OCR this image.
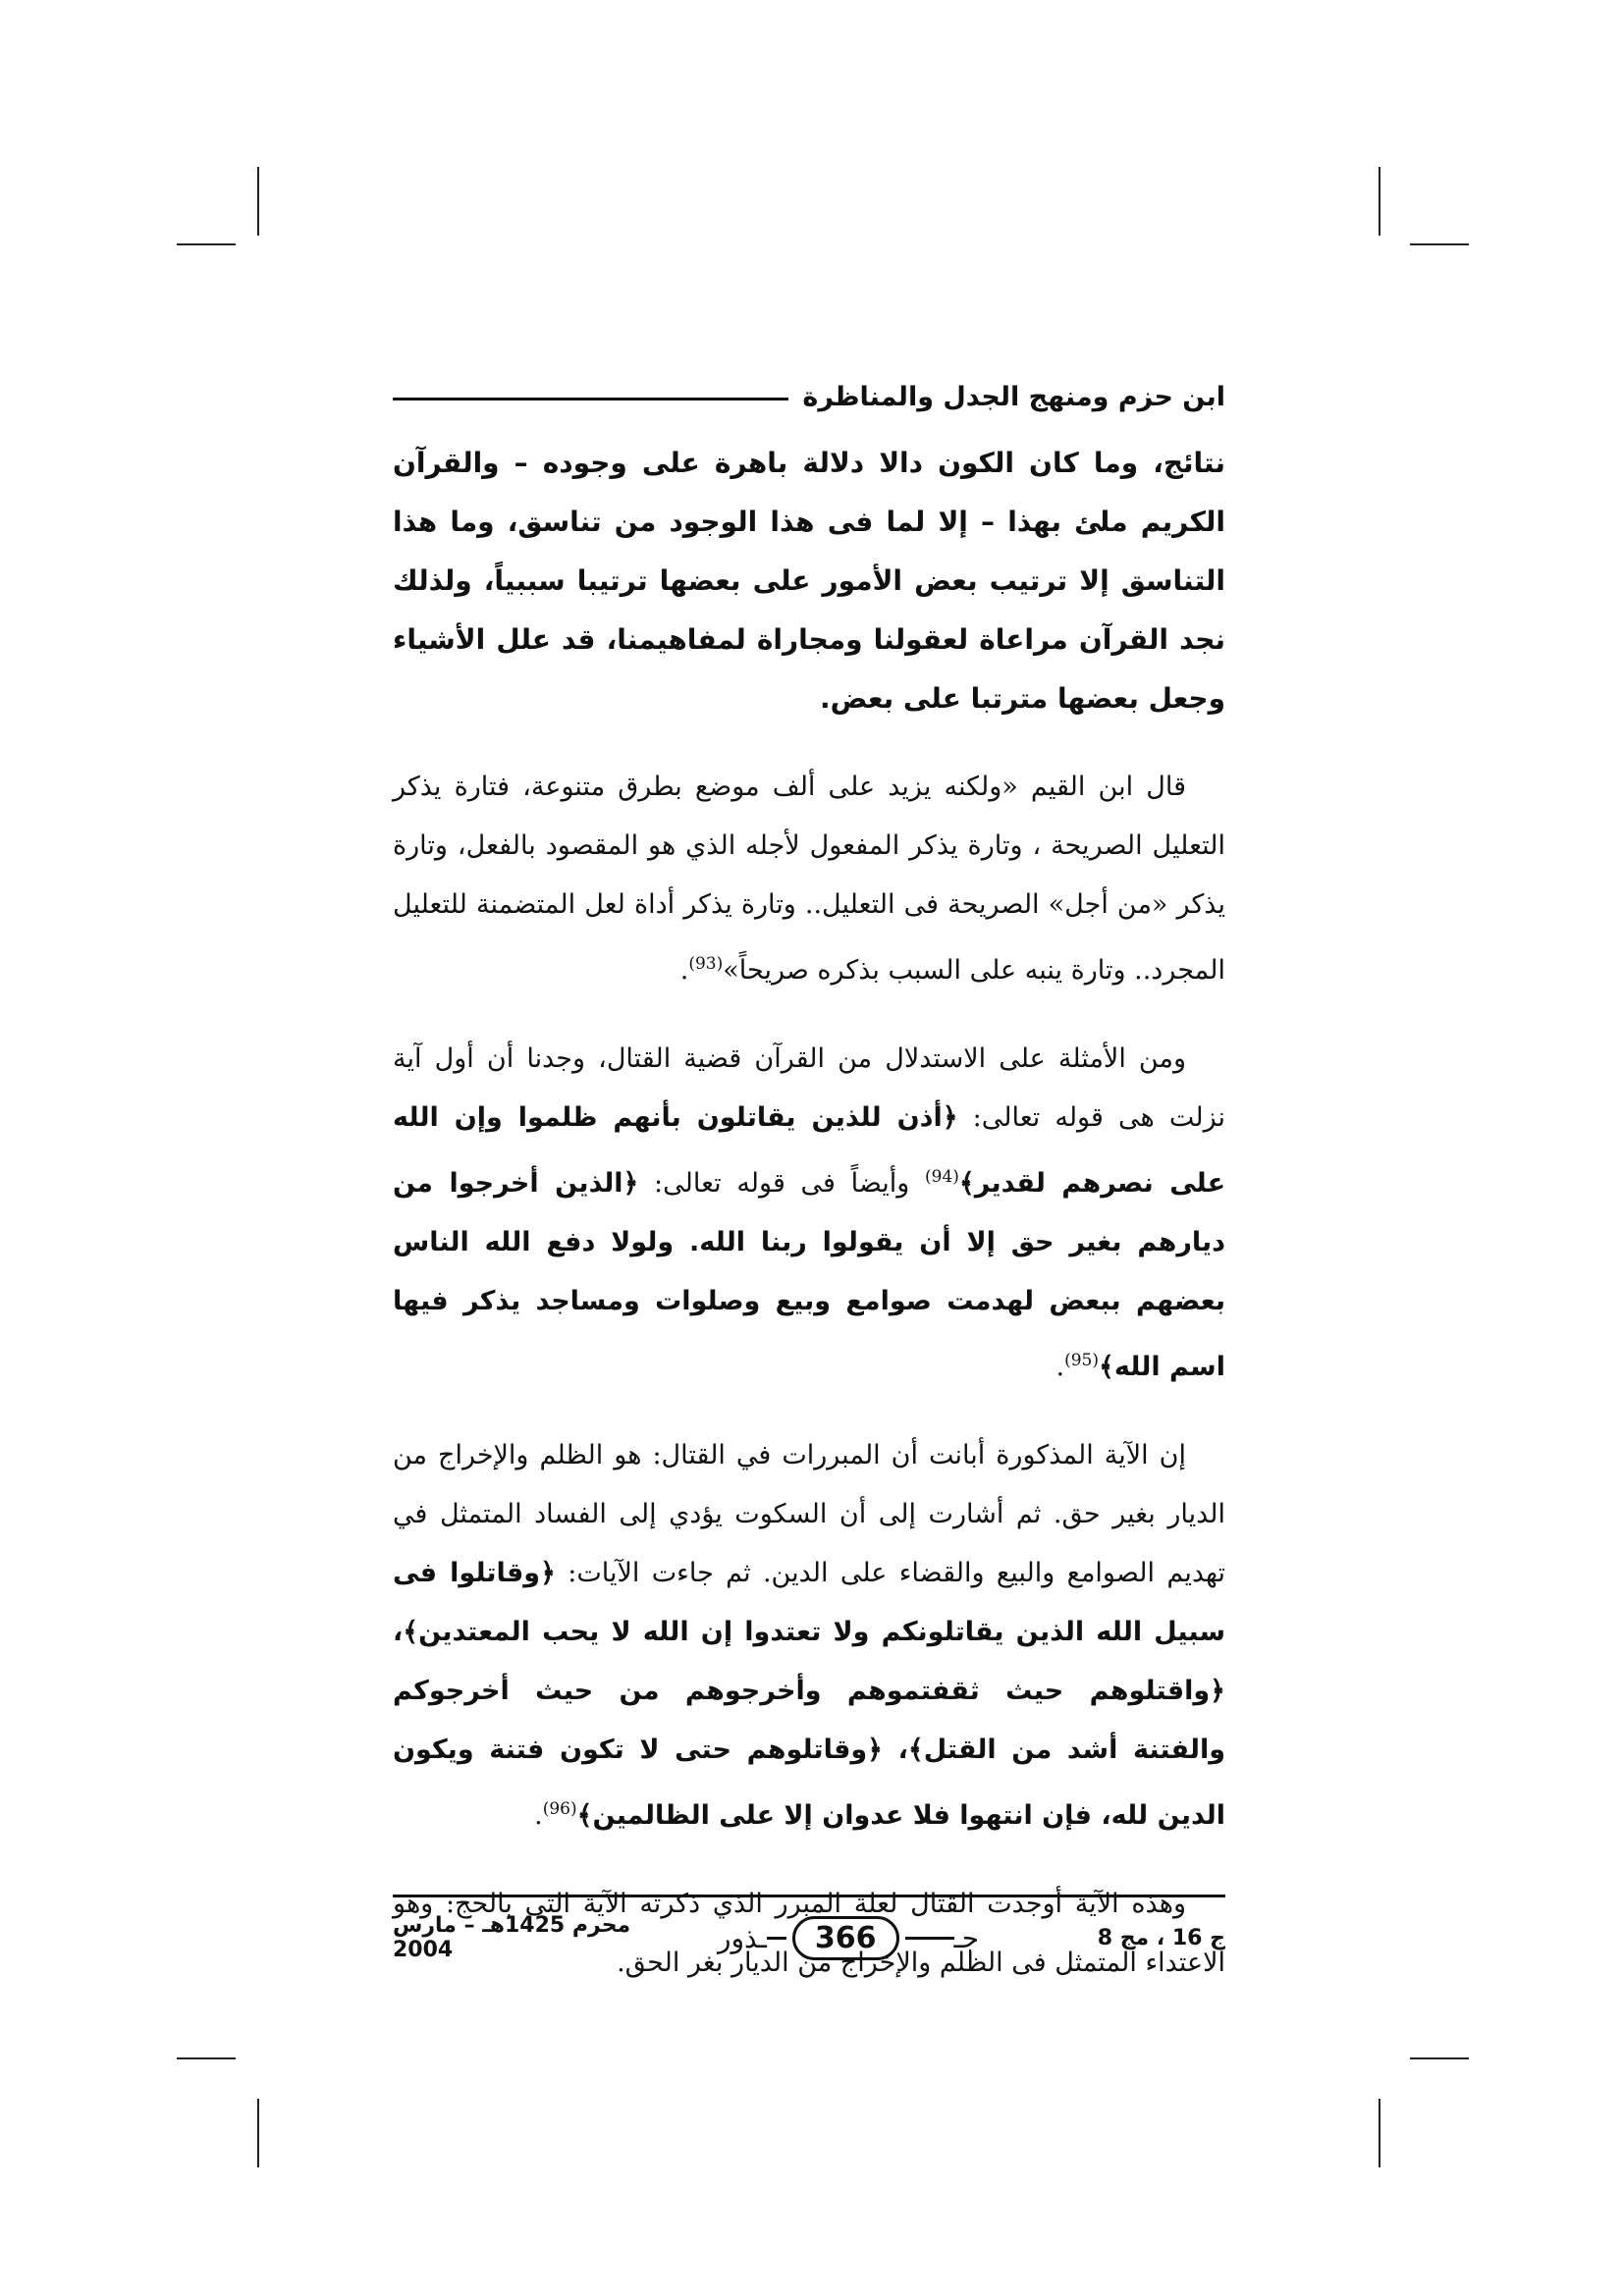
ابن حزم ومنهج الجدل والمناظرة

نتائج، وما كان الكون دالا دلالة باهرة على وجوده – والقرآن الكريم ملئ بهذا – إلا لما فى هذا الوجود من تناسق، وما هذا التناسق إلا ترتيب بعض الأمور على بعضها ترتيبا سببياً، ولذلك نجد القرآن مراعاة لعقولنا ومجاراة لمفاهيمنا، قد علل الأشياء وجعل بعضها مترتبا على بعض.

قال ابن القيم «ولكنه يزيد على ألف موضع بطرق متنوعة، فتارة يذكر التعليل الصريحة ، وتارة يذكر المفعول لأجله الذي هو المقصود بالفعل، وتارة يذكر «من أجل» الصريحة فى التعليل.. وتارة يذكر أداة لعل المتضمنة للتعليل المجرد.. وتارة ينبه على السبب بذكره صريحاً»$^{(93)}$.

ومن الأمثلة على الاستدلال من القرآن قضية القتال، وجدنا أن أول آية نزلت هى قوله تعالى: ﴿أذن للذين يقاتلون بأنهم ظلموا وإن الله على نصرهم لقدير﴾$^{(94)}$ وأيضاً فى قوله تعالى: ﴿الذين أخرجوا من ديارهم بغير حق إلا أن يقولوا ربنا الله. ولولا دفع الله الناس بعضهم ببعض لهدمت صوامع وبيع وصلوات ومساجد يذكر فيها اسم الله﴾$^{(95)}$.

إن الآية المذكورة أبانت أن المبررات في القتال: هو الظلم والإخراج من الديار بغير حق. ثم أشارت إلى أن السكوت يؤدي إلى الفساد المتمثل في تهديم الصوامع والبيع والقضاء على الدين. ثم جاءت الآيات: ﴿وقاتلوا فى سبيل الله الذين يقاتلونكم ولا تعتدوا إن الله لا يحب المعتدين﴾، ﴿واقتلوهم حيث ثقفتموهم وأخرجوهم من حيث أخرجوكم والفتنة أشد من القتل﴾، ﴿وقاتلوهم حتى لا تكون فتنة ويكون الدين لله، فإن انتهوا فلا عدوان إلا على الظالمين﴾$^{(96)}$.

وهذه الآية أوجدت القتال لعلة المبرر الذي ذكرته الآية التى بالحج: وهو الاعتداء المتمثل فى الظلم والإخراج من الديار بغر الحق.

ج 16 ، مج 8
جـ
366
ـذور
محرم 1425هـ – مارس 2004
